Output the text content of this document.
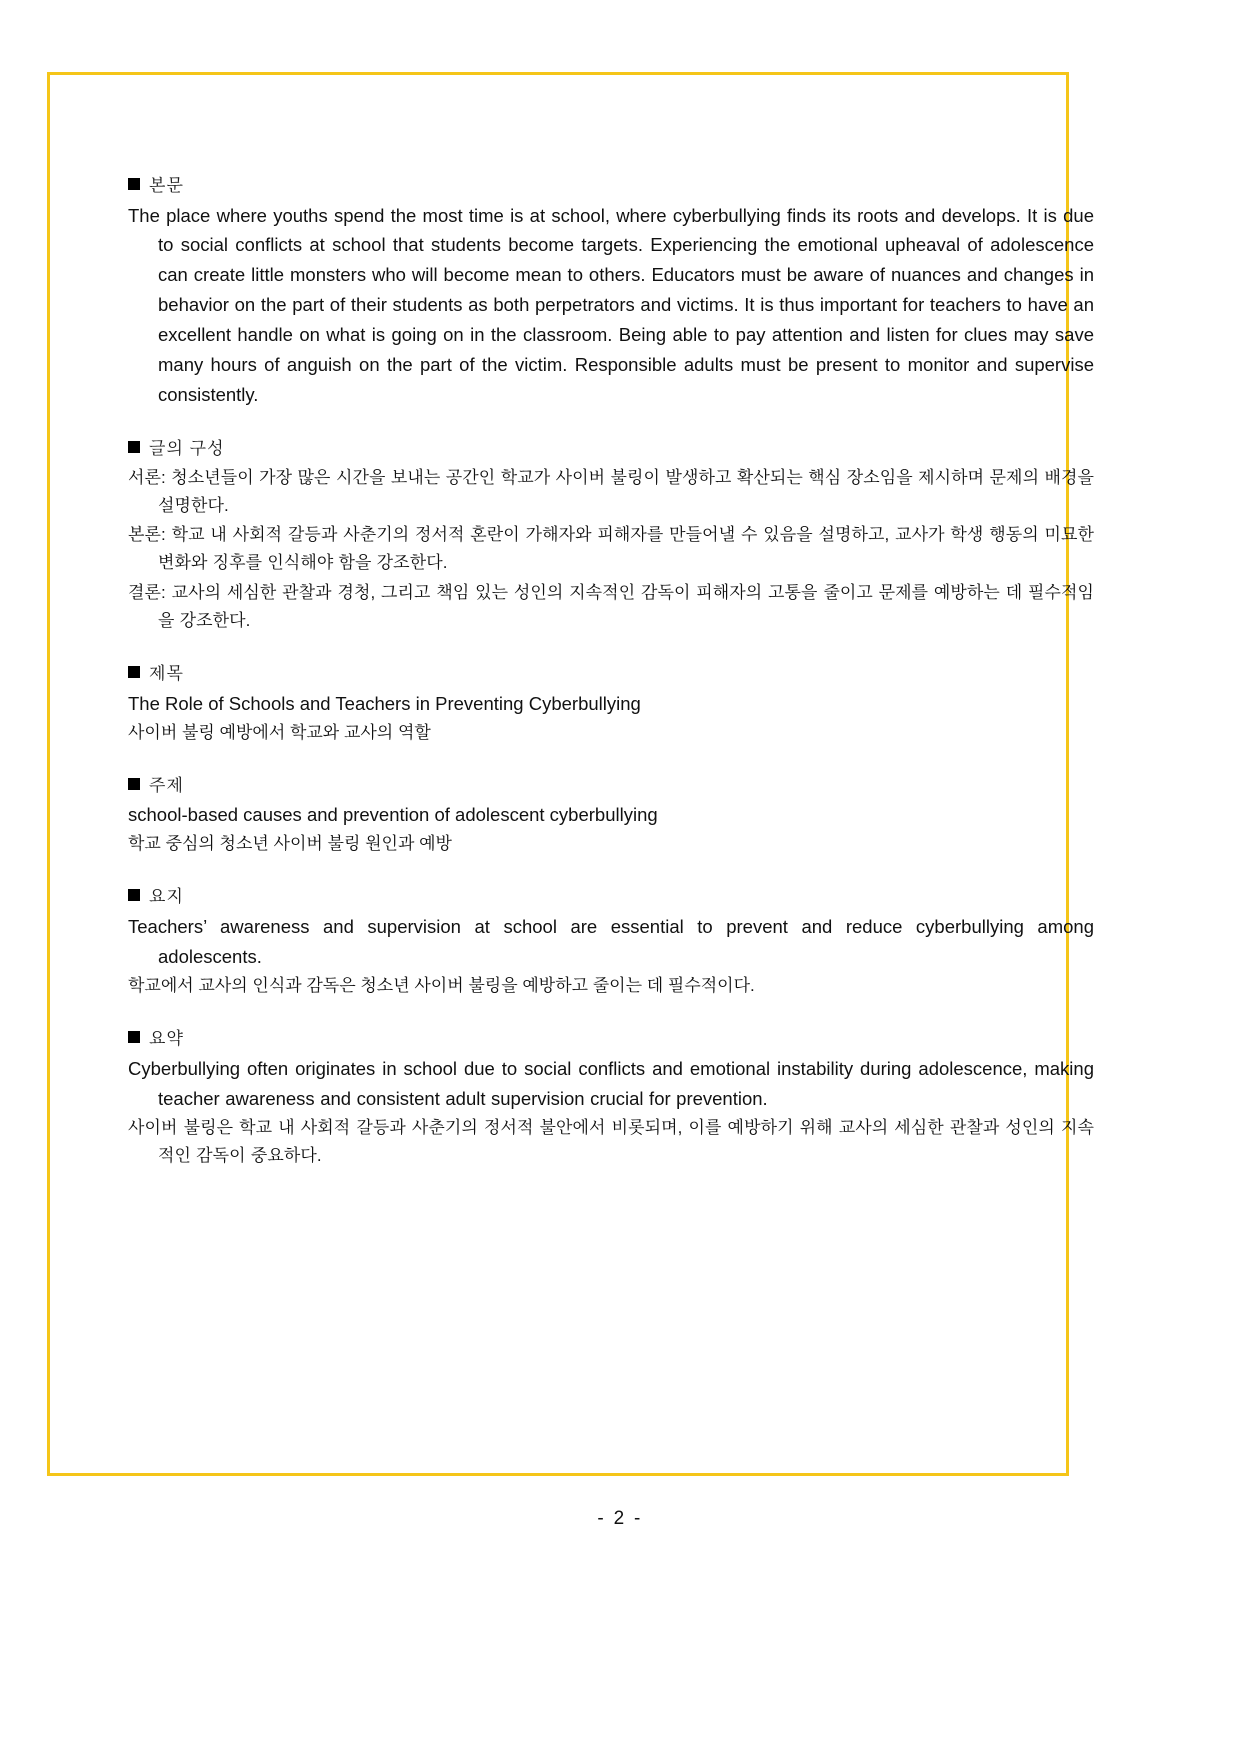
본문

The place where youths spend the most time is at school, where cyberbullying finds its roots and develops. It is due to social conflicts at school that students become targets. Experiencing the emotional upheaval of adolescence can create little monsters who will become mean to others. Educators must be aware of nuances and changes in behavior on the part of their students as both perpetrators and victims. It is thus important for teachers to have an excellent handle on what is going on in the classroom. Being able to pay attention and listen for clues may save many hours of anguish on the part of the victim. Responsible adults must be present to monitor and supervise consistently.

글의 구성

서론: 청소년들이 가장 많은 시간을 보내는 공간인 학교가 사이버 불링이 발생하고 확산되는 핵심 장소임을 제시하며 문제의 배경을 설명한다.

본론: 학교 내 사회적 갈등과 사춘기의 정서적 혼란이 가해자와 피해자를 만들어낼 수 있음을 설명하고, 교사가 학생 행동의 미묘한 변화와 징후를 인식해야 함을 강조한다.

결론: 교사의 세심한 관찰과 경청, 그리고 책임 있는 성인의 지속적인 감독이 피해자의 고통을 줄이고 문제를 예방하는 데 필수적임을 강조한다.

제목

The Role of Schools and Teachers in Preventing Cyberbullying

사이버 불링 예방에서 학교와 교사의 역할

주제

school-based causes and prevention of adolescent cyberbullying

학교 중심의 청소년 사이버 불링 원인과 예방

요지

Teachers’ awareness and supervision at school are essential to prevent and reduce cyberbullying among adolescents.

학교에서 교사의 인식과 감독은 청소년 사이버 불링을 예방하고 줄이는 데 필수적이다.

요약

Cyberbullying often originates in school due to social conflicts and emotional instability during adolescence, making teacher awareness and consistent adult supervision crucial for prevention.

사이버 불링은 학교 내 사회적 갈등과 사춘기의 정서적 불안에서 비롯되며, 이를 예방하기 위해 교사의 세심한 관찰과 성인의 지속적인 감독이 중요하다.

- 2 -
